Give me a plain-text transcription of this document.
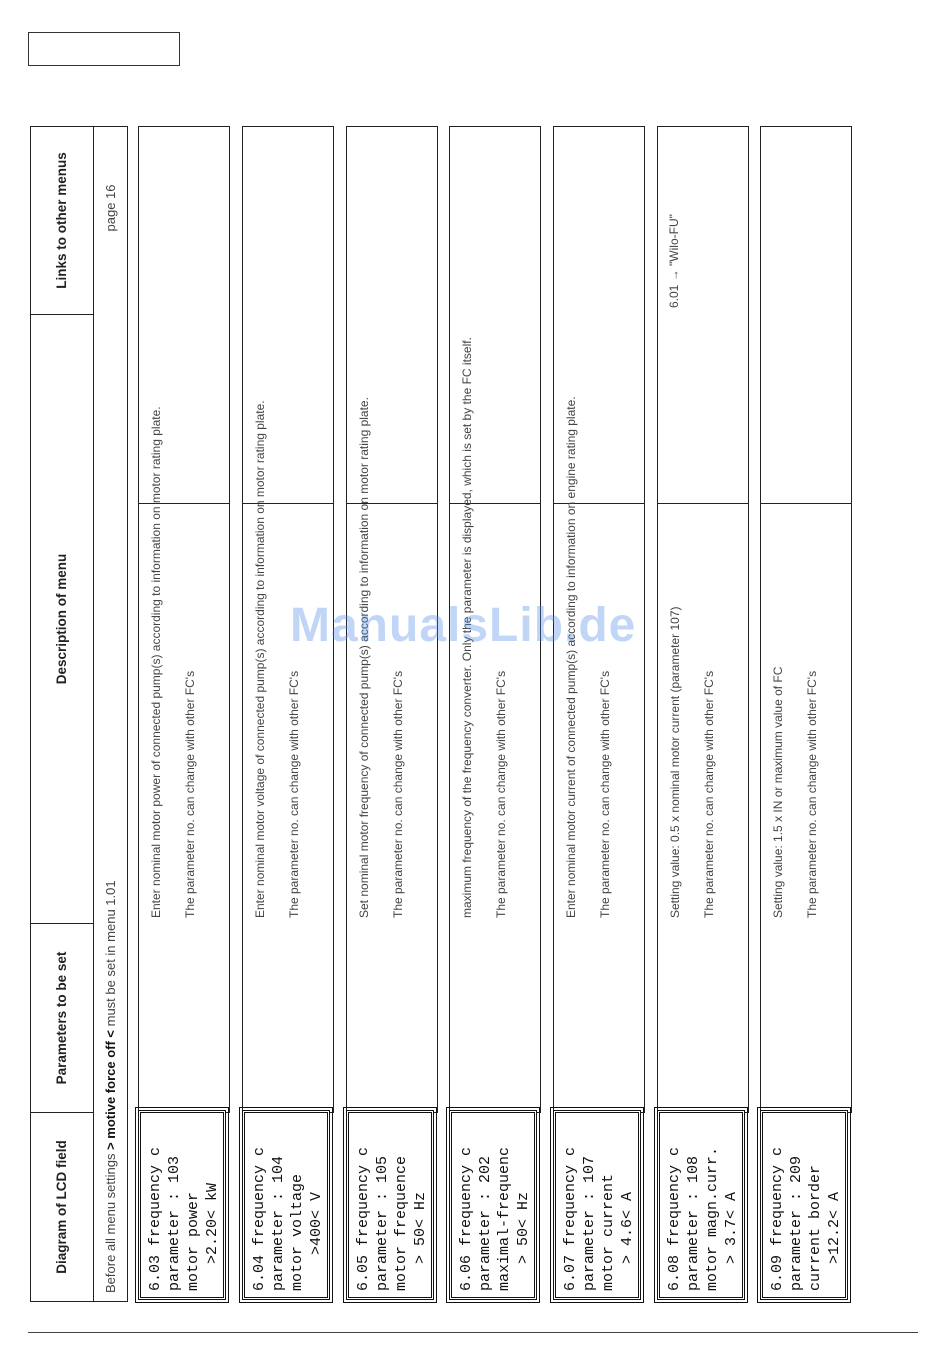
Diagram of LCD field
Parameters to be set
Description of menu
Links to other menus
Before all menu settings > motive force off < must be set in menu 1.01
page 16
6.03 frequency c parameter : 103 motor power >2.20< kW

Enter nominal motor power of connected pump(s) according to information on motor rating plate. The parameter no. can change with other FC's

6.04 frequency c parameter : 104 motor voltage >400< V

Enter nominal motor voltage of connected pump(s) according to information on motor rating plate. The parameter no. can change with other FC's

6.05 frequency c parameter : 105 motor frequence > 50< Hz

Set nominal motor frequency of connected pump(s) according to information on motor rating plate. The parameter no. can change with other FC's

6.06 frequency c parameter : 202 maximal-frequenc > 50< Hz

maximum frequency of the frequency converter. Only the parameter is displayed, which is set by the FC itself. The parameter no. can change with other FC's

6.07 frequency c parameter : 107 motor current > 4.6< A

Enter nominal motor current of connected pump(s) according to information on engine rating plate. The parameter no. can change with other FC's

6.08 frequency c parameter : 108 motor magn.curr. > 3.7< A

Setting value: 0.5 x nominal motor current (parameter 107) The parameter no. can change with other FC's

6.01 → "Wilo-FU"
6.09 frequency c parameter : 209 current border >12.2< A

Setting value: 1.5 x IN or maximum value of FC The parameter no. can change with other FC's

ManualsLib.de
